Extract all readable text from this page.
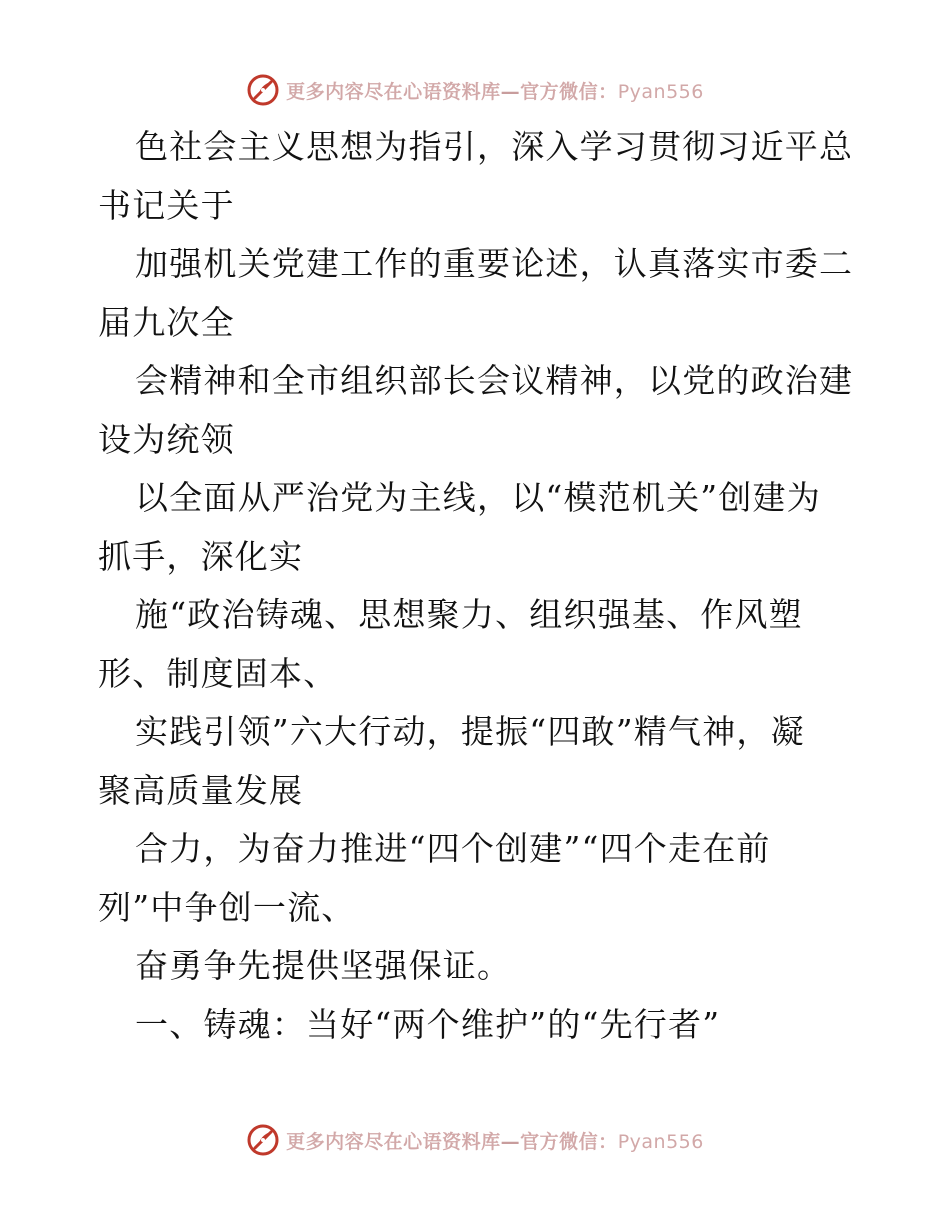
更多内容尽在心语资料库—官方微信：Pyan556
色社会主义思想为指引，深入学习贯彻习近平总
书记关于
加强机关党建工作的重要论述，认真落实市委二
届九次全
会精神和全市组织部长会议精神，以党的政治建
设为统领
以全面从严治党为主线，以“模范机关”创建为
抓手，深化实
施“政治铸魂、思想聚力、组织强基、作风塑
形、制度固本、
实践引领”六大行动，提振“四敢”精气神，凝
聚高质量发展
合力，为奋力推进“四个创建”“四个走在前
列”中争创一流、
奋勇争先提供坚强保证。
一、铸魂：当好“两个维护”的“先行者”
更多内容尽在心语资料库—官方微信：Pyan556
